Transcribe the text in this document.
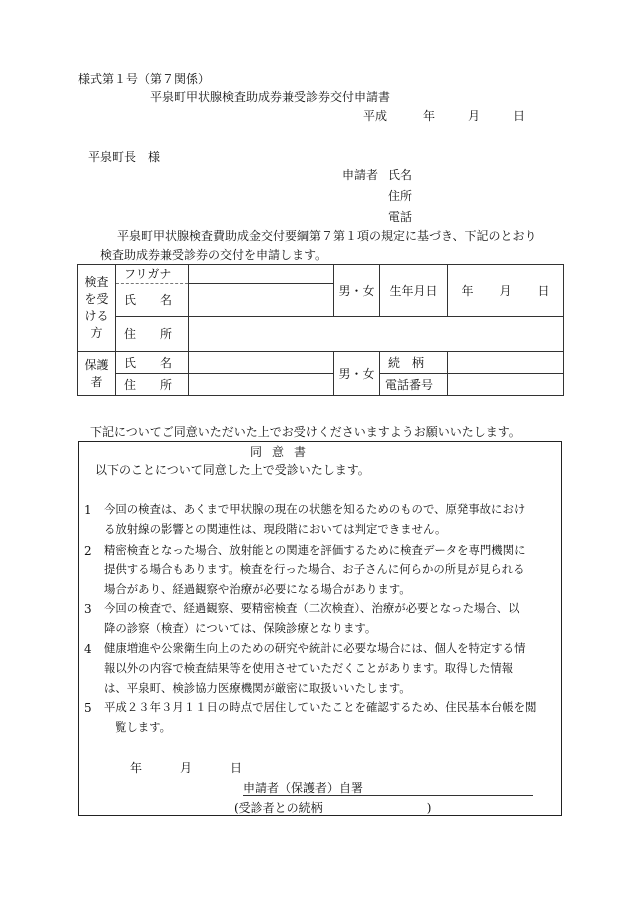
様式第１号（第７関係）
平泉町甲状腺検査助成券兼受診券交付申請書
平成	年	月	日
平泉町長　様
申請者 氏名
住所
電話
平泉町甲状腺検査費助成金交付要綱第７第１項の規定に基づき、下記のとおり
検査助成券兼受診券の交付を申請します。
検査
を受
ける
方	フリガナ		男・女	生年月日	年 月 日
	氏　　名				
	住　　所				

保護
者	氏　　名		男・女	続　柄	
	住　　所			電話番号	
下記についてご同意いただいた上でお受けくださいますようお願いいたします。
同 意 書
以下のことについて同意した上で受診いたします。
1 今回の検査は、あくまで甲状腺の現在の状態を知るためのもので、原発事故におけ
る放射線の影響との関連性は、現段階においては判定できません。
2 精密検査となった場合、放射能との関連を評価するために検査データを専門機関に
提供する場合もあります。検査を行った場合、お子さんに何らかの所見が見られる
場合があり、経過観察や治療が必要になる場合があります。
3 今回の検査で、経過観察、要精密検査（二次検査）、治療が必要となった場合、以
降の診察（検査）については、保険診療となります。
4 健康増進や公衆衛生向上のための研究や統計に必要な場合には、個人を特定する情
報以外の内容で検査結果等を使用させていただくことがあります。取得した情報
は、平泉町、検診協力医療機関が厳密に取扱いいたします。
5 平成２３年３月１１日の時点で居住していたことを確認するため、住民基本台帳を閲
覧します。
年	月	日
申請者（保護者）自署
(受診者との続柄	)
